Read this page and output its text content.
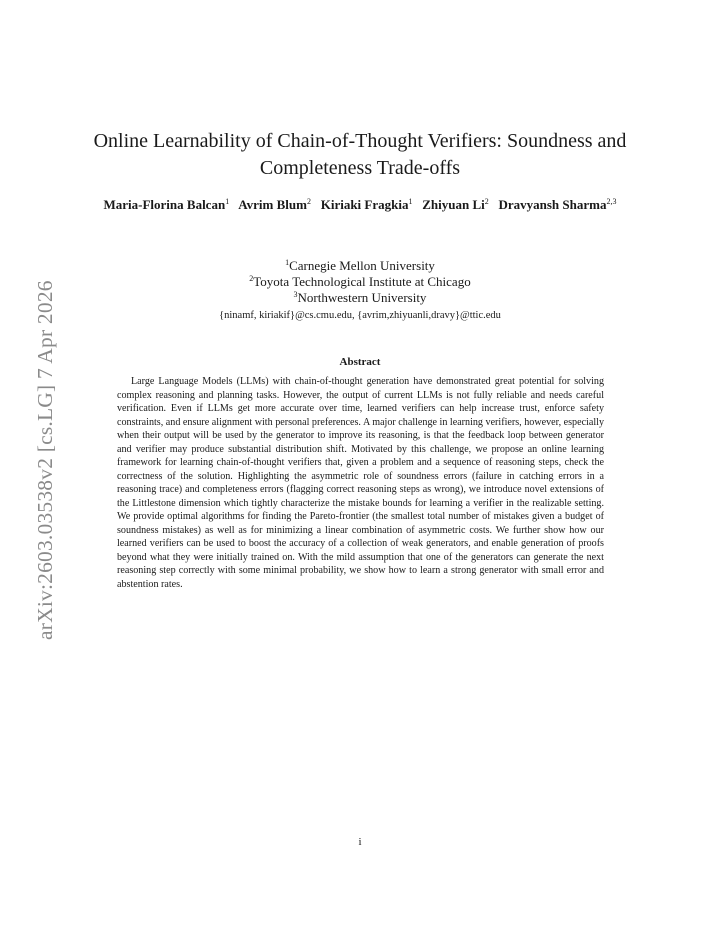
arXiv:2603.03538v2 [cs.LG] 7 Apr 2026
Online Learnability of Chain-of-Thought Verifiers: Soundness and Completeness Trade-offs
Maria-Florina Balcan$^1$ Avrim Blum$^2$ Kiriaki Fragkia$^1$ Zhiyuan Li$^2$ Dravyansh Sharma$^{2,3}$
$^1$Carnegie Mellon University
$^2$Toyota Technological Institute at Chicago
$^3$Northwestern University
{ninamf, kiriakif}@cs.cmu.edu, {avrim,zhiyuanli,dravy}@ttic.edu
Abstract

Large Language Models (LLMs) with chain-of-thought generation have demonstrated great potential for solving complex reasoning and planning tasks. However, the output of current LLMs is not fully reliable and needs careful verification. Even if LLMs get more accurate over time, learned verifiers can help increase trust, enforce safety constraints, and ensure alignment with personal preferences. A major challenge in learning verifiers, however, especially when their output will be used by the generator to improve its reasoning, is that the feedback loop between generator and verifier may produce substantial distribution shift. Motivated by this challenge, we propose an online learning framework for learning chain-of-thought verifiers that, given a problem and a sequence of reasoning steps, check the correctness of the solution. Highlighting the asymmetric role of soundness errors (failure in catching errors in a reasoning trace) and completeness errors (flagging correct reasoning steps as wrong), we introduce novel extensions of the Littlestone dimension which tightly characterize the mistake bounds for learning a verifier in the realizable setting. We provide optimal algorithms for finding the Pareto-frontier (the smallest total number of mistakes given a budget of soundness mistakes) as well as for minimizing a linear combination of asymmetric costs. We further show how our learned verifiers can be used to boost the accuracy of a collection of weak generators, and enable generation of proofs beyond what they were initially trained on. With the mild assumption that one of the generators can generate the next reasoning step correctly with some minimal probability, we show how to learn a strong generator with small error and abstention rates.

i
